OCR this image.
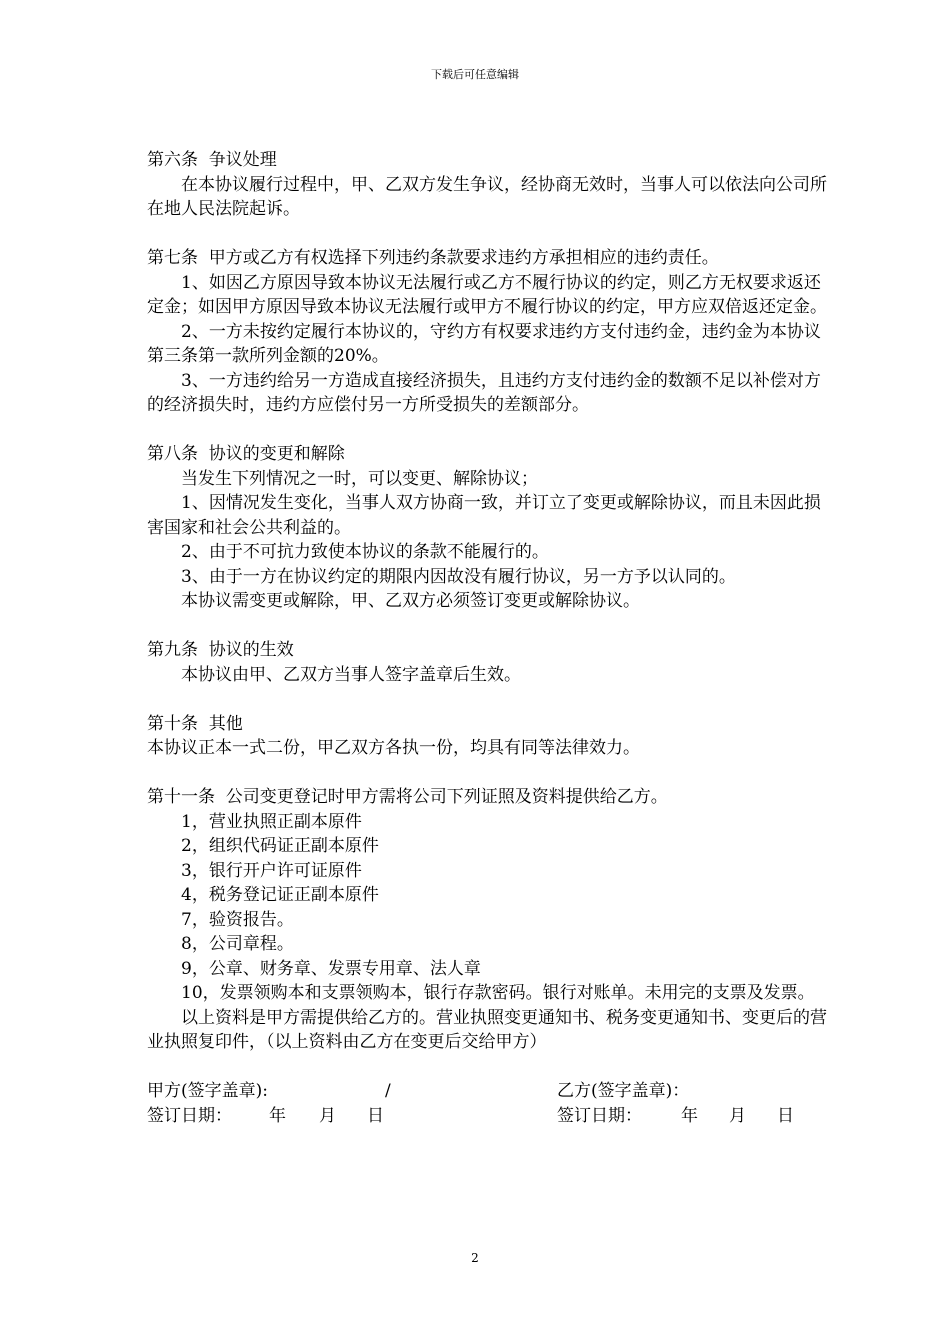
下载后可任意编辑

第六条  争议处理

在本协议履行过程中，甲、乙双方发生争议，经协商无效时，当事人可以依法向公司所在地人民法院起诉。

第七条  甲方或乙方有权选择下列违约条款要求违约方承担相应的违约责任。

1、如因乙方原因导致本协议无法履行或乙方不履行协议的约定，则乙方无权要求返还定金；如因甲方原因导致本协议无法履行或甲方不履行协议的约定，甲方应双倍返还定金。

2、一方未按约定履行本协议的，守约方有权要求违约方支付违约金，违约金为本协议第三条第一款所列金额的20%。

3、一方违约给另一方造成直接经济损失，且违约方支付违约金的数额不足以补偿对方的经济损失时，违约方应偿付另一方所受损失的差额部分。

第八条  协议的变更和解除

当发生下列情况之一时，可以变更、解除协议；

1、因情况发生变化，当事人双方协商一致，并订立了变更或解除协议，而且未因此损害国家和社会公共利益的。

2、由于不可抗力致使本协议的条款不能履行的。

3、由于一方在协议约定的期限内因故没有履行协议，另一方予以认同的。

本协议需变更或解除，甲、乙双方必须签订变更或解除协议。

第九条  协议的生效

本协议由甲、乙双方当事人签字盖章后生效。

第十条  其他

本协议正本一式二份，甲乙双方各执一份，均具有同等法律效力。

第十一条  公司变更登记时甲方需将公司下列证照及资料提供给乙方。

1，营业执照正副本原件

2，组织代码证正副本原件

3，银行开户许可证原件

4，税务登记证正副本原件

7，验资报告。

8，公司章程。

9，公章、财务章、发票专用章、法人章

10，发票领购本和支票领购本，银行存款密码。银行对账单。未用完的支票及发票。

以上资料是甲方需提供给乙方的。营业执照变更通知书、税务变更通知书、变更后的营业执照复印件，（以上资料由乙方在变更后交给甲方）

甲方(签字盖章):	/	乙方(签字盖章)：
签订日期： 年 月 日	签订日期： 年 月 日
2
